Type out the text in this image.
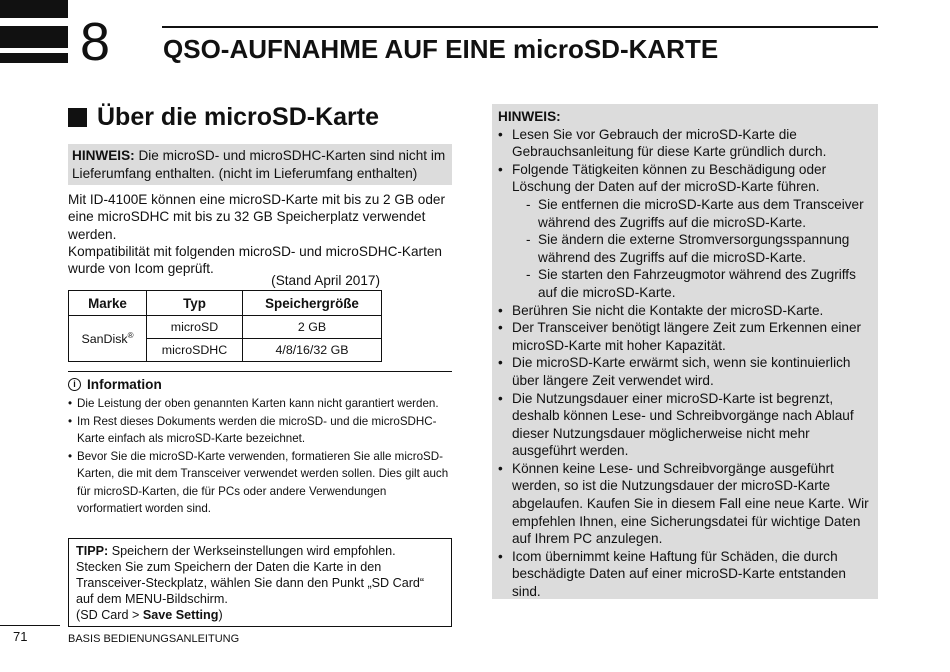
8 QSO-AUFNAHME AUF EINE microSD-KARTE
Über die microSD-Karte
HINWEIS: Die microSD- und microSDHC-Karten sind nicht im Lieferumfang enthalten. (nicht im Lieferumfang enthalten)

Mit ID-4100E können eine microSD-Karte mit bis zu 2 GB oder eine microSDHC mit bis zu 32 GB Speicherplatz verwendet werden.

Kompatibilität mit folgenden microSD- und microSDHC-Karten wurde von Icom geprüft.

(Stand April 2017)
Marke	Typ	Speichergröße
SanDisk®	microSD	2 GB
	microSDHC	4/8/16/32 GB
i Information
• Die Leistung der oben genannten Karten kann nicht garantiert werden.
• Im Rest dieses Dokuments werden die microSD- und die microSDHC-Karte einfach als microSD-Karte bezeichnet.
• Bevor Sie die microSD-Karte verwenden, formatieren Sie alle microSD-Karten, die mit dem Transceiver verwendet werden sollen. Dies gilt auch für microSD-Karten, die für PCs oder andere Verwendungen vorformatiert worden sind.

TIPP: Speichern der Werkseinstellungen wird empfohlen. Stecken Sie zum Speichern der Daten die Karte in den Transceiver-Steckplatz, wählen Sie dann den Punkt „SD Card“ auf dem MENU-Bildschirm.

(SD Card > Save Setting)

71	BASIS BEDIENUNGSANLEITUNG
HINWEIS:
• Lesen Sie vor Gebrauch der microSD-Karte die Gebrauchsanleitung für diese Karte gründlich durch.
• Folgende Tätigkeiten können zu Beschädigung oder Löschung der Daten auf der microSD-Karte führen.
- Sie entfernen die microSD-Karte aus dem Transceiver während des Zugriffs auf die microSD-Karte.
- Sie ändern die externe Stromversorgungsspannung während des Zugriffs auf die microSD-Karte.
- Sie starten den Fahrzeugmotor während des Zugriffs auf die microSD-Karte.
• Berühren Sie nicht die Kontakte der microSD-Karte.
• Der Transceiver benötigt längere Zeit zum Erkennen einer microSD-Karte mit hoher Kapazität.
• Die microSD-Karte erwärmt sich, wenn sie kontinuierlich über längere Zeit verwendet wird.
• Die Nutzungsdauer einer microSD-Karte ist begrenzt, deshalb können Lese- und Schreibvorgänge nach Ablauf dieser Nutzungsdauer möglicherweise nicht mehr ausgeführt werden.
• Können keine Lese- und Schreibvorgänge ausgeführt werden, so ist die Nutzungsdauer der microSD-Karte abgelaufen. Kaufen Sie in diesem Fall eine neue Karte. Wir empfehlen Ihnen, eine Sicherungsdatei für wichtige Daten auf Ihrem PC anzulegen.
• Icom übernimmt keine Haftung für Schäden, die durch beschädigte Daten auf einer microSD-Karte entstanden sind.
